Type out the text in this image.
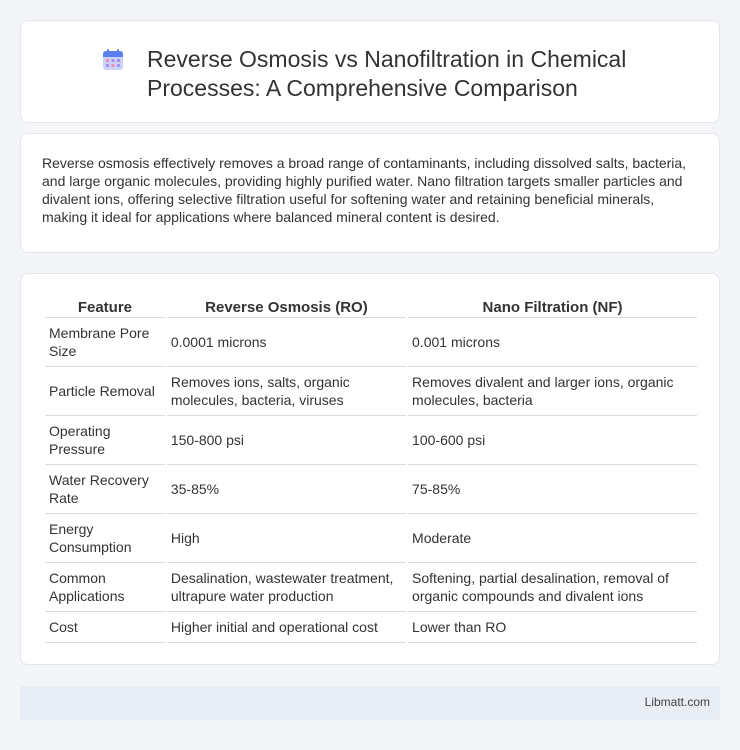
Reverse Osmosis vs Nanofiltration in Chemical Processes: A Comprehensive Comparison

Reverse osmosis effectively removes a broad range of contaminants, including dissolved salts, bacteria, and large organic molecules, providing highly purified water. Nano filtration targets smaller particles and divalent ions, offering selective filtration useful for softening water and retaining beneficial minerals, making it ideal for applications where balanced mineral content is desired.

Feature	Reverse Osmosis (RO)	Nano Filtration (NF)
Membrane Pore Size	0.0001 microns	0.001 microns
Particle Removal	Removes ions, salts, organic molecules, bacteria, viruses	Removes divalent and larger ions, organic molecules, bacteria
Operating Pressure	150-800 psi	100-600 psi
Water Recovery Rate	35-85%	75-85%
Energy Consumption	High	Moderate
Common Applications	Desalination, wastewater treatment, ultrapure water production	Softening, partial desalination, removal of organic compounds and divalent ions
Cost	Higher initial and operational cost	Lower than RO
Libmatt.com
